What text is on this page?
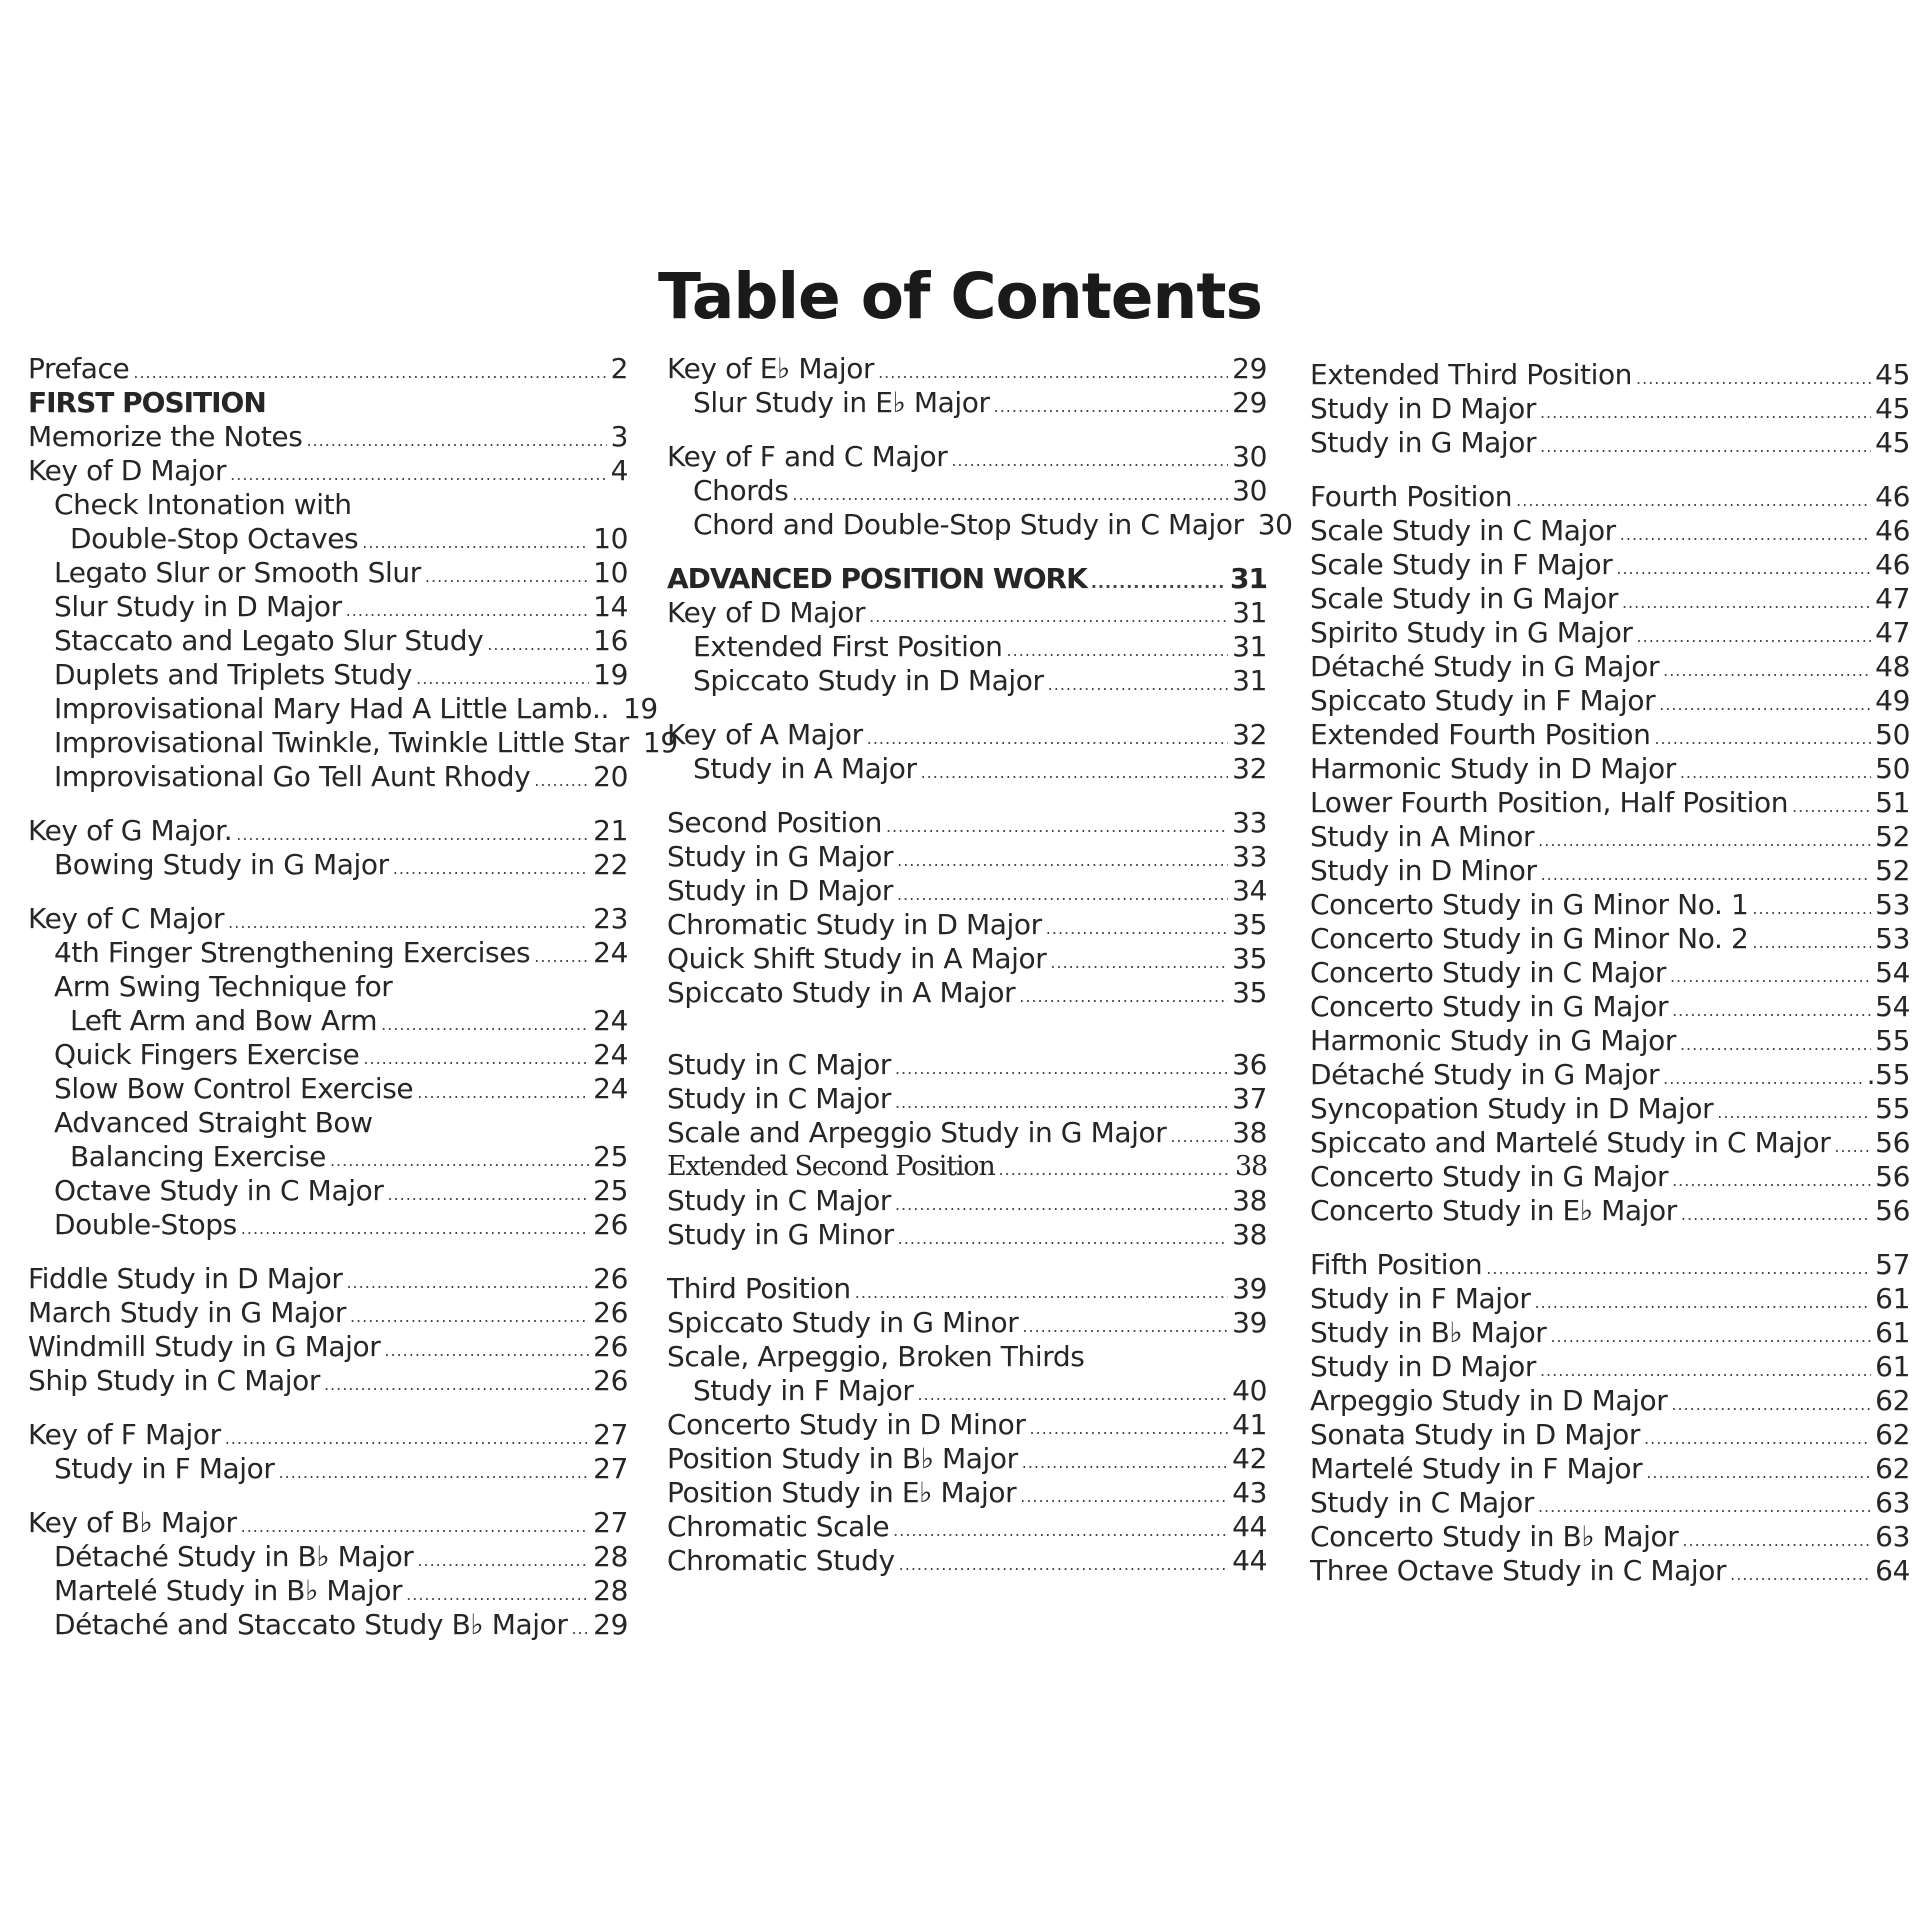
Table of Contents
Preface .....	2
FIRST POSITION
Memorize the Notes .....	3
Key of D Major .....	4
Check Intonation with
Double-Stop Octaves .....	10
Legato Slur or Smooth Slur .....	10
Slur Study in D Major .....	14
Staccato and Legato Slur Study .....	16
Duplets and Triplets Study .....	19
Improvisational Mary Had A Little Lamb.. 19
Improvisational Twinkle, Twinkle Little Star 19
Improvisational Go Tell Aunt Rhody ..... 20
Key of G Major. .....	21
Bowing Study in G Major .....	22
Key of C Major .....	23
4th Finger Strengthening Exercises ..... 24
Arm Swing Technique for
Left Arm and Bow Arm .....	24
Quick Fingers Exercise .....	24
Slow Bow Control Exercise .....	24
Advanced Straight Bow
Balancing Exercise .....	25
Octave Study in C Major .....	25
Double-Stops .....	26
Fiddle Study in D Major .....	26
March Study in G Major .....	26
Windmill Study in G Major .....	26
Ship Study in C Major .....	26
Key of F Major .....	27
Study in F Major .....	27
Key of B♭ Major .....	27
Détaché Study in B♭ Major .....	28
Martelé Study in B♭ Major .....	28
Détaché and Staccato Study B♭ Major ..... 29
Key of E♭ Major .....	29
Slur Study in E♭ Major .....	29
Key of F and C Major .....	30
Chords .....	30
Chord and Double-Stop Study in C Major 30
ADVANCED POSITION WORK .....	31
Key of D Major .....	31
Extended First Position .....	31
Spiccato Study in D Major .....	31
Key of A Major .....	32
Study in A Major .....	32
Second Position .....	33
Study in G Major .....	33
Study in D Major .....	34
Chromatic Study in D Major .....	35
Quick Shift Study in A Major .....	35
Spiccato Study in A Major .....	35
Study in C Major .....	36
Study in C Major .....	37
Scale and Arpeggio Study in G Major ..... 38
Extended Second Position .....	38
Study in C Major .....	38
Study in G Minor .....	38
Third Position .....	39
Spiccato Study in G Minor .....	39
Scale, Arpeggio, Broken Thirds
Study in F Major .....	40
Concerto Study in D Minor .....	41
Position Study in B♭ Major .....	42
Position Study in E♭ Major .....	43
Chromatic Scale .....	44
Chromatic Study .....	44
Extended Third Position .....	45
Study in D Major .....	45
Study in G Major .....	45
Fourth Position .....	46
Scale Study in C Major .....	46
Scale Study in F Major .....	46
Scale Study in G Major .....	47
Spirito Study in G Major .....	47
Détaché Study in G Major .....	48
Spiccato Study in F Major .....	49
Extended Fourth Position .....	50
Harmonic Study in D Major .....	50
Lower Fourth Position, Half Position .....	51
Study in A Minor .....	52
Study in D Minor .....	52
Concerto Study in G Minor No. 1 .....	53
Concerto Study in G Minor No. 2 .....	53
Concerto Study in C Major .....	54
Concerto Study in G Major .....	54
Harmonic Study in G Major .....	55
Détaché Study in G Major .....	.55
Syncopation Study in D Major .....	55
Spiccato and Martelé Study in C Major ..... 56
Concerto Study in G Major .....	56
Concerto Study in E♭ Major .....	56
Fifth Position .....	57
Study in F Major .....	61
Study in B♭ Major .....	61
Study in D Major .....	61
Arpeggio Study in D Major .....	62
Sonata Study in D Major .....	62
Martelé Study in F Major .....	62
Study in C Major .....	63
Concerto Study in B♭ Major .....	63
Three Octave Study in C Major .....	64
